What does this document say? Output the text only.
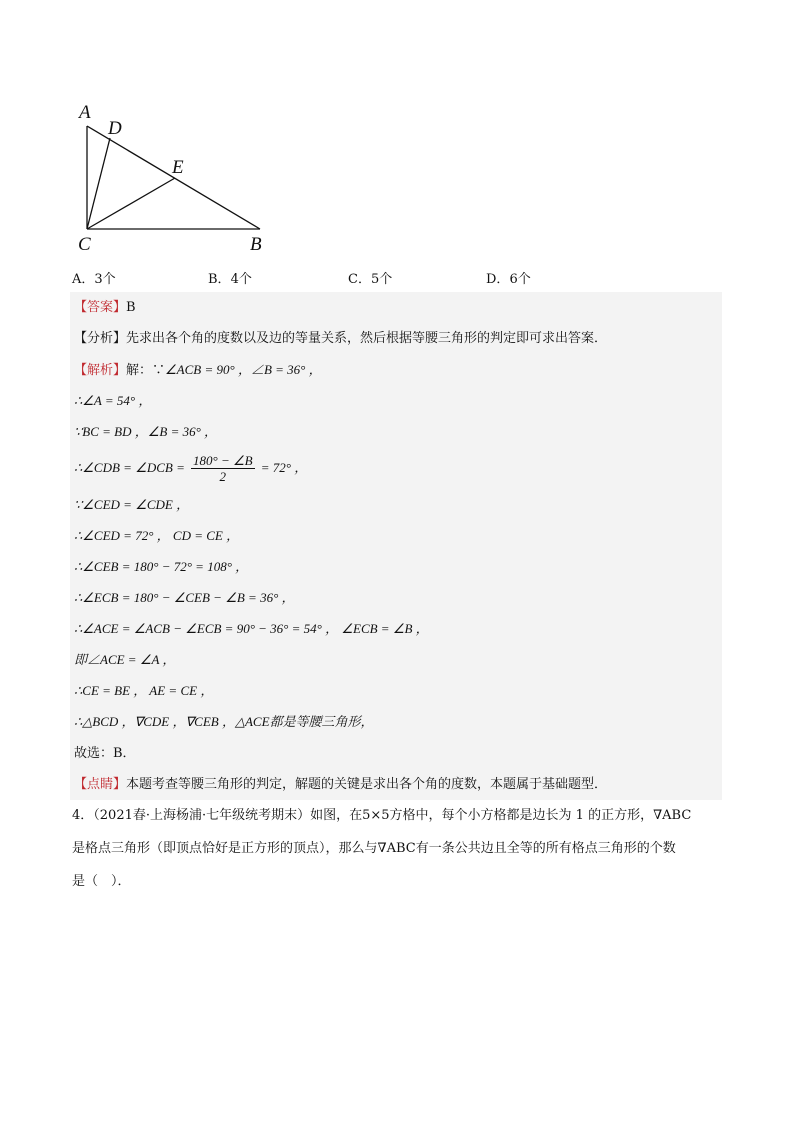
A
D
E
C	B
A．3个	B．4个	C．5个	D．6个
【答案】B
【分析】先求出各个角的度数以及边的等量关系，然后根据等腰三角形的判定即可求出答案．
【解析】解：∵∠ACB = 90° ，∠B = 36° ，
∴∠A = 54° ，
∵BC = BD ，∠B = 36° ，
∴∠CDB = ∠DCB = $\frac{180^\circ - \angle B}{2} = 72^\circ$ ，
∵∠CED = ∠CDE ，
∴∠CED = 72° ， CD = CE ，
∴∠CEB = 180° − 72° = 108° ，
∴∠ECB = 180° − ∠CEB − ∠B = 36° ，
∴∠ACE = ∠ACB − ∠ECB = 90° − 36° = 54° ， ∠ECB = ∠B ，
即∠ACE = ∠A ，
∴CE = BE ， AE = CE ，
∴△BCD ，∇CDE ，∇CEB ，△ACE都是等腰三角形，
故选：B．
【点睛】本题考查等腰三角形的判定，解题的关键是求出各个角的度数，本题属于基础题型．
4．（2021春·上海杨浦·七年级统考期末）如图，在5×5方格中，每个小方格都是边长为 1 的正方形，∇ABC
是格点三角形（即顶点恰好是正方形的顶点），那么与∇ABC有一条公共边且全等的所有格点三角形的个数
是（　）．
